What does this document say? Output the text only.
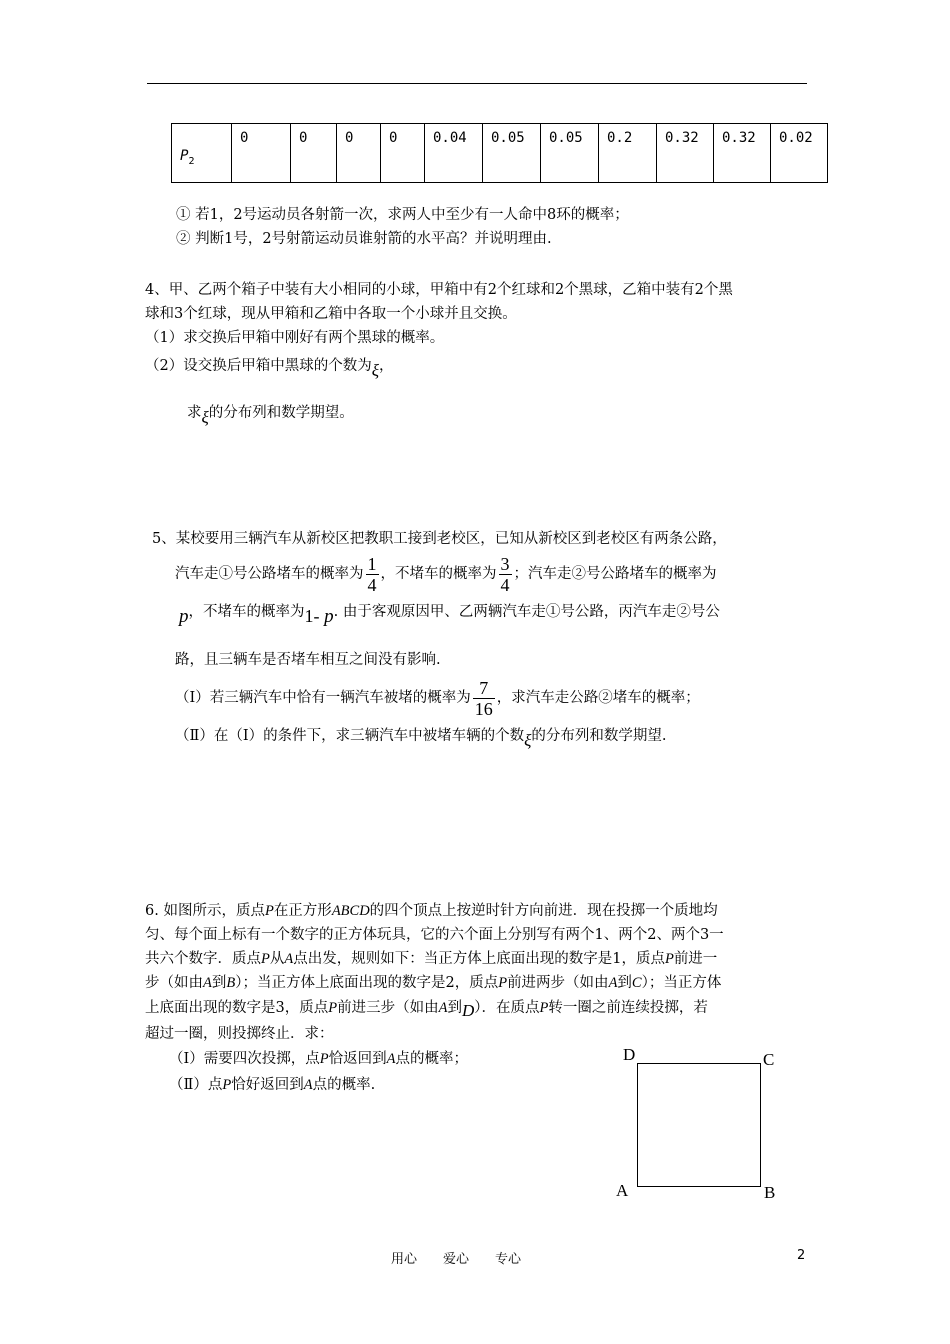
$P_2$	0	0	0	0	0.04	0.05	0.05	0.2	0.32	0.32	0.02
① 若1，2号运动员各射箭一次，求两人中至少有一人命中8环的概率；
② 判断1号，2号射箭运动员谁射箭的水平高？并说明理由.
4、甲、乙两个箱子中装有大小相同的小球，甲箱中有2个红球和2个黑球，乙箱中装有2个黑
球和3个红球，现从甲箱和乙箱中各取一个小球并且交换。
（1）求交换后甲箱中刚好有两个黑球的概率。
（2）设交换后甲箱中黑球的个数为ξ，
求ξ的分布列和数学期望。
5、某校要用三辆汽车从新校区把教职工接到老校区，已知从新校区到老校区有两条公路，
汽车走①号公路堵车的概率为 $\frac{1}{4}$ ，不堵车的概率为 $\frac{3}{4}$ ；汽车走②号公路堵车的概率为
p，不堵车的概率为1- p. 由于客观原因甲、乙两辆汽车走①号公路，丙汽车走②号公
路，且三辆车是否堵车相互之间没有影响.
（Ⅰ）若三辆汽车中恰有一辆汽车被堵的概率为 $\frac{7}{16}$ ，求汽车走公路②堵车的概率；
（Ⅱ）在（Ⅰ）的条件下，求三辆汽车中被堵车辆的个数ξ的分布列和数学期望.
6. 如图所示，质点P在正方形ABCD的四个顶点上按逆时针方向前进．现在投掷一个质地均
匀、每个面上标有一个数字的正方体玩具，它的六个面上分别写有两个1、两个2、两个3一
共六个数字．质点P从A点出发，规则如下：当正方体上底面出现的数字是1，质点P前进一
步（如由A到B）；当正方体上底面出现的数字是2，质点P前进两步（如由A到C）；当正方体
上底面出现的数字是3，质点P前进三步（如由A到D）．在质点P转一圈之前连续投掷，若
超过一圈，则投掷终止．求：
（Ⅰ）需要四次投掷，点P恰返回到A点的概率；
（Ⅱ）点P恰好返回到A点的概率.
D	C
A	B
用心　　爱心　　专心	2
